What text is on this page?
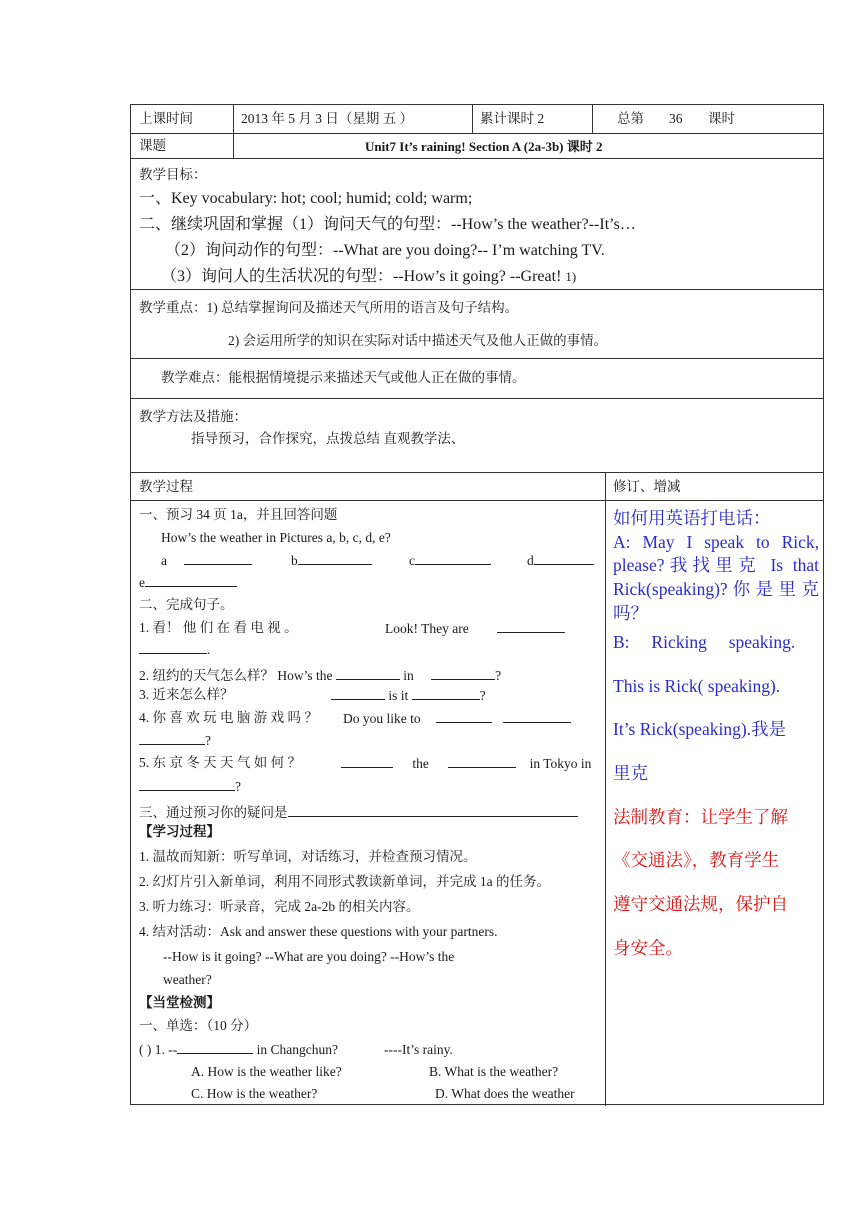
上课时间	2013 年 5 月 3 日（星期 五 ）	累计课时 2	总第 36 课时
课题	Unit7 It’s raining! Section A (2a-3b) 课时 2
教学目标：
一、Key vocabulary: hot; cool; humid; cold; warm;
二、继续巩固和掌握（1）询问天气的句型：--How’s the weather?--It’s…
（2）询问动作的句型：--What are you doing?-- I’m watching TV.
（3）询问人的生活状况的句型：--How’s it going? --Great! 1)
教学重点：1) 总结掌握询问及描述天气所用的语言及句子结构。
2) 会运用所学的知识在实际对话中描述天气及他人正做的事情。
教学难点：能根据情境提示来描述天气或他人正在做的事情。
教学方法及措施：
指导预习，合作探究，点拨总结 直观教学法、
教学过程	修订、增减
一、预习 34 页 1a，并且回答问题
How’s the weather in Pictures a, b, c, d, e?
a	b	c	d
e
二、完成句子。
1. 看！ 他 们 在 看 电 视 。	Look! They are
.
2. 纽约的天气怎么样？ How’s the	in	?
3. 近来怎么样？	is it	?
4. 你 喜 欢 玩 电 脑 游 戏 吗 ？ Do you like to
?
5. 东 京 冬 天 天 气 如 何 ？	the	in Tokyo in
?
三、通过预习你的疑问是
【学习过程】
1. 温故而知新：听写单词，对话练习，并检查预习情况。
2. 幻灯片引入新单词，利用不同形式教读新单词，并完成 1a 的任务。
3. 听力练习：听录音，完成 2a-2b 的相关内容。
4. 结对活动：Ask and answer these questions with your partners.
--How is it going? --What are you doing? --How’s the
weather?
【当堂检测】
一、单选：（10 分）
( ) 1. --	in Changchun?	----It’s rainy.
A. How is the weather like?	B. What is the weather?
C. How is the weather?	D. What does the weather

如何用英语打电话：

A: May I speak to Rick, please?我找里克 Is that Rick(speaking)? 你 是 里 克吗？

B:     Ricking     speaking.

This is Rick( speaking).

It’s Rick(speaking).我是

里克

法制教育：让学生了解

《交通法》，教育学生

遵守交通法规，保护自

身安全。
